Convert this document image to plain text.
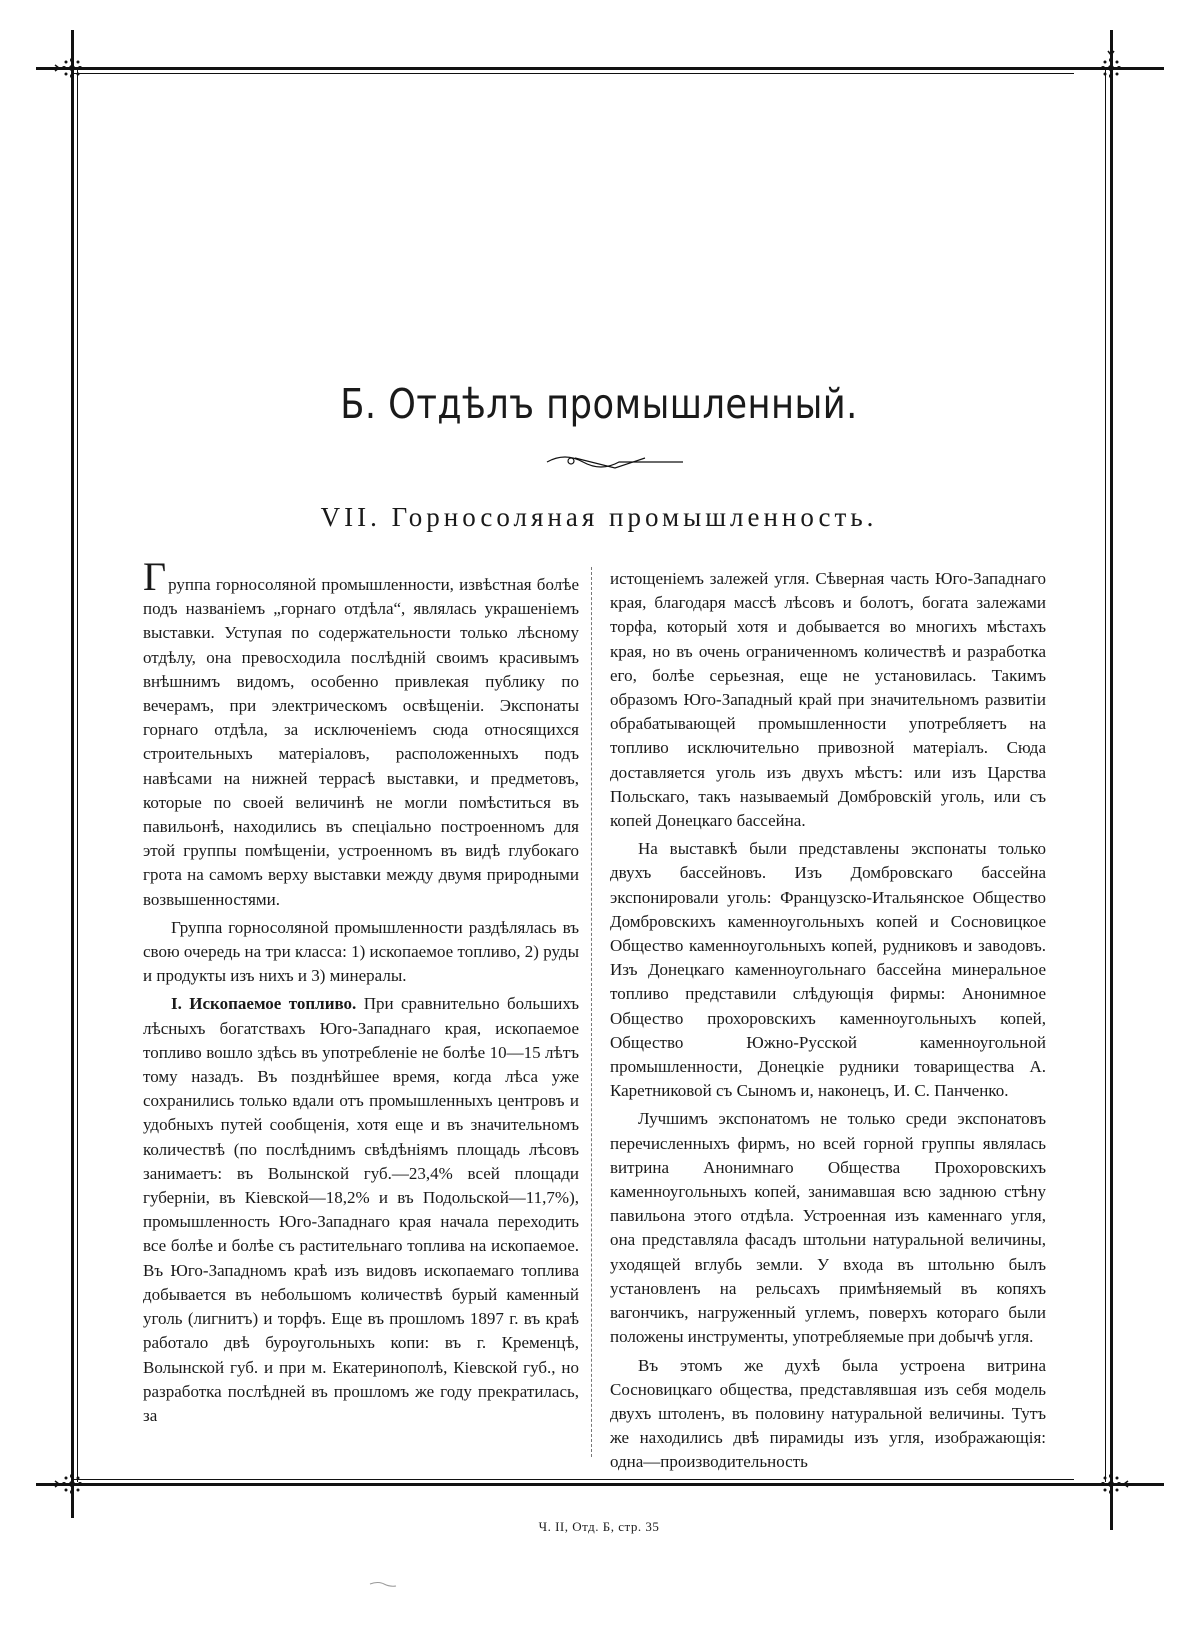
Б. Отдѣлъ промышленный.
VII. Горносоляная промышленность.

Группа горносоляной промышленности, извѣстная болѣе подъ названіемъ „горнаго отдѣла“, являлась украшеніемъ выставки. Уступая по содержательности только лѣсному отдѣлу, она превосходила послѣдній своимъ красивымъ внѣшнимъ видомъ, особенно привлекая публику по вечерамъ, при электрическомъ освѣщеніи. Экспонаты горнаго отдѣла, за исключеніемъ сюда относящихся строительныхъ матеріаловъ, расположенныхъ подъ навѣсами на нижней террасѣ выставки, и предметовъ, которые по своей величинѣ не могли помѣститься въ павильонѣ, находились въ спеціально построенномъ для этой группы помѣщеніи, устроенномъ въ видѣ глубокаго грота на самомъ верху выставки между двумя природными возвышенностями.

Группа горносоляной промышленности раздѣлялась въ свою очередь на три класса: 1) ископаемое топливо, 2) руды и продукты изъ нихъ и 3) минералы.

I. Ископаемое топливо. При сравнительно большихъ лѣсныхъ богатствахъ Юго-Западнаго края, ископаемое топливо вошло здѣсь въ употребленіе не болѣе 10—15 лѣтъ тому назадъ. Въ позднѣйшее время, когда лѣса уже сохранились только вдали отъ промышленныхъ центровъ и удобныхъ путей сообщенія, хотя еще и въ значительномъ количествѣ (по послѣднимъ свѣдѣніямъ площадь лѣсовъ занимаетъ: въ Волынской губ.—23,4% всей площади губерніи, въ Кіевской—18,2% и въ Подольской—11,7%), промышленность Юго-Западнаго края начала переходить все болѣе и болѣе съ растительнаго топлива на ископаемое. Въ Юго-Западномъ краѣ изъ видовъ ископаемаго топлива добывается въ небольшомъ количествѣ бурый каменный уголь (лигнитъ) и торфъ. Еще въ прошломъ 1897 г. въ краѣ работало двѣ буроугольныхъ копи: въ г. Кременцѣ, Волынской губ. и при м. Екатеринополѣ, Кіевской губ., но разработка послѣдней въ прошломъ же году прекратилась, за

истощеніемъ залежей угля. Сѣверная часть Юго-Западнаго края, благодаря массѣ лѣсовъ и болотъ, богата залежами торфа, который хотя и добывается во многихъ мѣстахъ края, но въ очень ограниченномъ количествѣ и разработка его, болѣе серьезная, еще не установилась. Такимъ образомъ Юго-Западный край при значительномъ развитіи обрабатывающей промышленности употребляетъ на топливо исключительно привозной матеріалъ. Сюда доставляется уголь изъ двухъ мѣстъ: или изъ Царства Польскаго, такъ называемый Домбровскій уголь, или съ копей Донецкаго бассейна.

На выставкѣ были представлены экспонаты только двухъ бассейновъ. Изъ Домбровскаго бассейна экспонировали уголь: Французско-Итальянское Общество Домбровскихъ каменноугольныхъ копей и Сосновицкое Общество каменноугольныхъ копей, рудниковъ и заводовъ. Изъ Донецкаго каменноугольнаго бассейна минеральное топливо представили слѣдующія фирмы: Анонимное Общество прохоровскихъ каменноугольныхъ копей, Общество Южно-Русской каменноугольной промышленности, Донецкіе рудники товарищества А. Каретниковой съ Сыномъ и, наконецъ, И. С. Панченко.

Лучшимъ экспонатомъ не только среди экспонатовъ перечисленныхъ фирмъ, но всей горной группы являлась витрина Анонимнаго Общества Прохоровскихъ каменноугольныхъ копей, занимавшая всю заднюю стѣну павильона этого отдѣла. Устроенная изъ каменнаго угля, она представляла фасадъ штольни натуральной величины, уходящей вглубь земли. У входа въ штольню былъ установленъ на рельсахъ примѣняемый въ копяхъ вагончикъ, нагруженный углемъ, поверхъ котораго были положены инструменты, употребляемые при добычѣ угля.

Въ этомъ же духѣ была устроена витрина Сосновицкаго общества, представлявшая изъ себя модель двухъ штоленъ, въ половину натуральной величины. Тутъ же находились двѣ пирамиды изъ угля, изображающія: одна—производительность

Ч. II, Отд. Б, стр. 35
